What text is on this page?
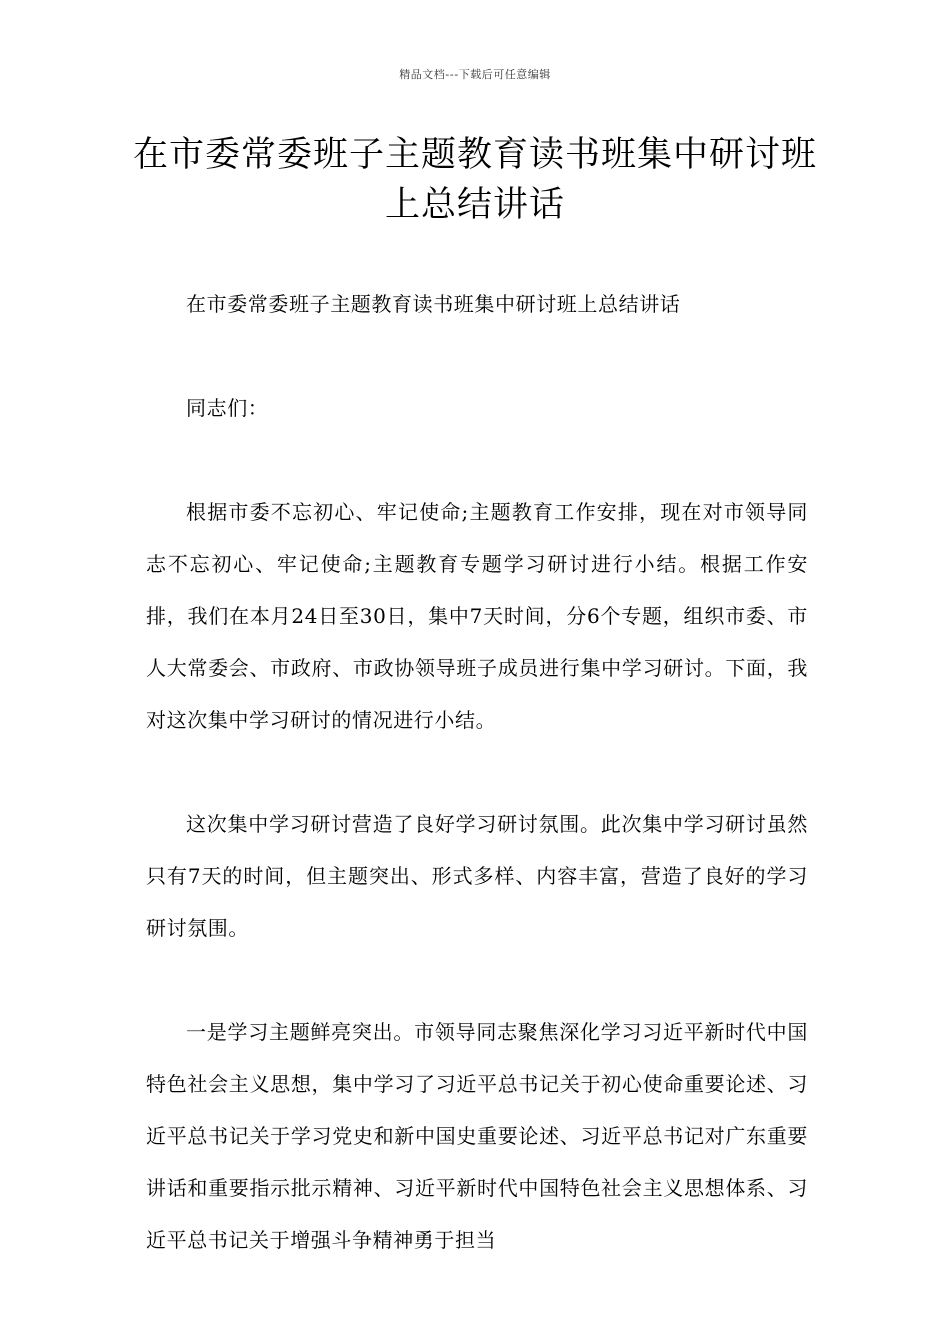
精品文档---下载后可任意编辑
在市委常委班子主题教育读书班集中研讨班上总结讲话

在市委常委班子主题教育读书班集中研讨班上总结讲话

同志们：

根据市委不忘初心、牢记使命;主题教育工作安排，现在对市领导同志不忘初心、牢记使命;主题教育专题学习研讨进行小结。根据工作安排，我们在本月24日至30日，集中7天时间，分6个专题，组织市委、市人大常委会、市政府、市政协领导班子成员进行集中学习研讨。下面，我对这次集中学习研讨的情况进行小结。

这次集中学习研讨营造了良好学习研讨氛围。此次集中学习研讨虽然只有7天的时间，但主题突出、形式多样、内容丰富，营造了良好的学习研讨氛围。

一是学习主题鲜亮突出。市领导同志聚焦深化学习习近平新时代中国特色社会主义思想，集中学习了习近平总书记关于初心使命重要论述、习近平总书记关于学习党史和新中国史重要论述、习近平总书记对广东重要讲话和重要指示批示精神、习近平新时代中国特色社会主义思想体系、习近平总书记关于增强斗争精神勇于担当
